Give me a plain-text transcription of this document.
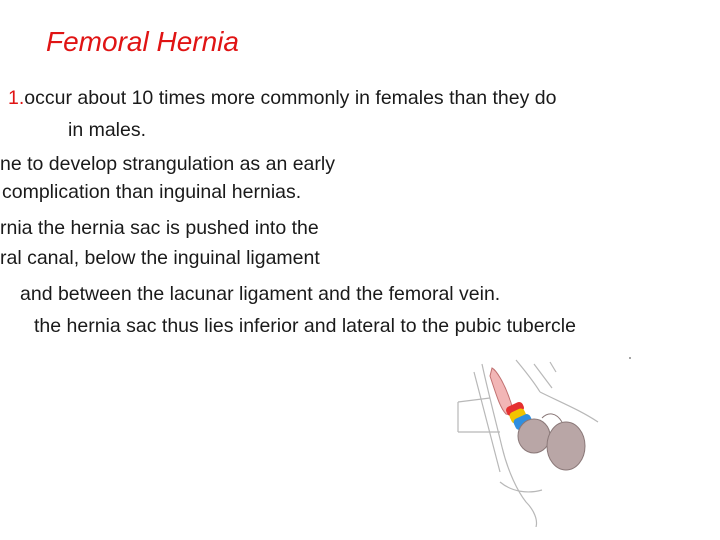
Femoral Hernia
1.occur about 10 times more commonly in females than they do
in males.
ne to develop strangulation as an early
complication than inguinal hernias.
rnia the hernia sac is pushed into the
ral canal, below the inguinal ligament
and between the lacunar ligament and the femoral vein.
the hernia sac thus lies inferior and lateral to the pubic tubercle
